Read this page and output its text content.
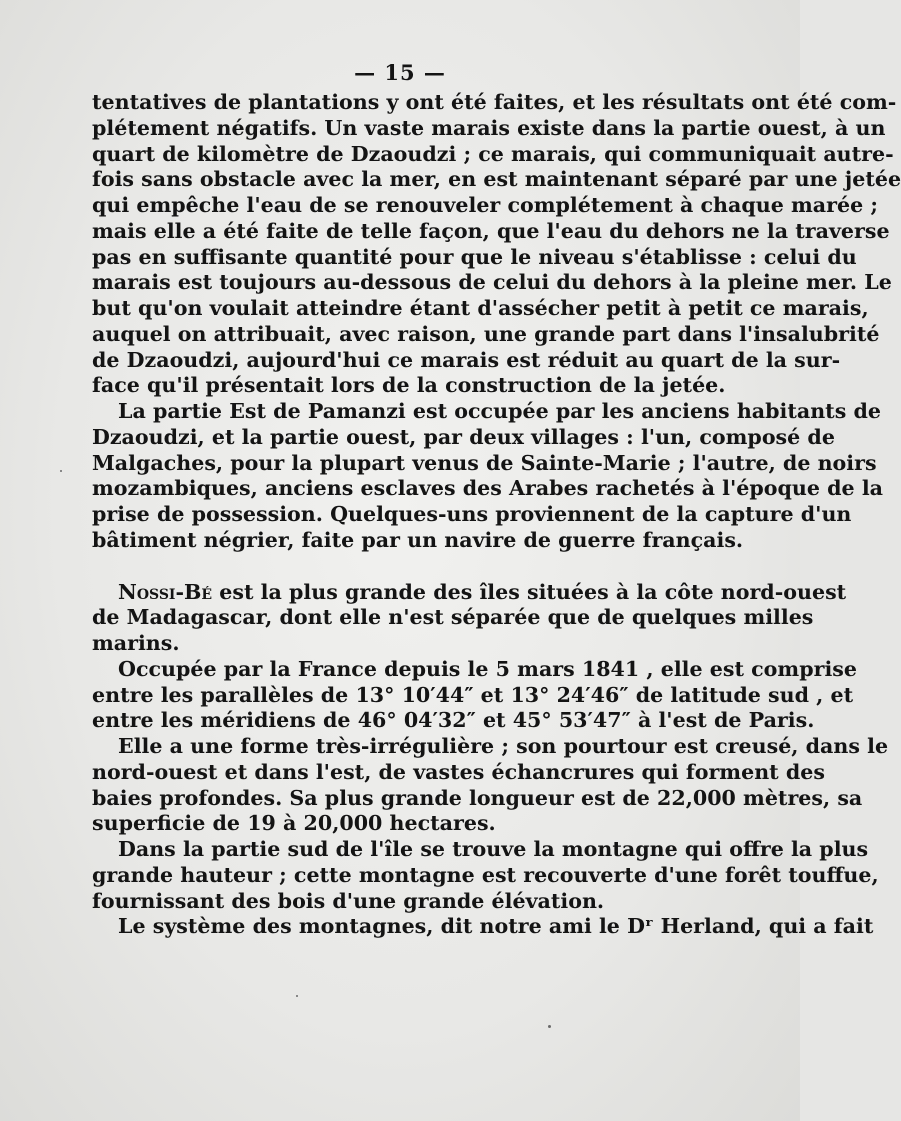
— 15 —
tentatives de plantations y ont été faites, et les résultats ont été com-
plétement négatifs. Un vaste marais existe dans la partie ouest, à un
quart de kilomètre de Dzaoudzi ; ce marais, qui communiquait autre-
fois sans obstacle avec la mer, en est maintenant séparé par une jetée
qui empêche l'eau de se renouveler complétement à chaque marée ;
mais elle a été faite de telle façon, que l'eau du dehors ne la traverse
pas en suffisante quantité pour que le niveau s'établisse : celui du
marais est toujours au-dessous de celui du dehors à la pleine mer. Le
but qu'on voulait atteindre étant d'assécher petit à petit ce marais,
auquel on attribuait, avec raison, une grande part dans l'insalubrité
de Dzaoudzi, aujourd'hui ce marais est réduit au quart de la sur-
face qu'il présentait lors de la construction de la jetée.
La partie Est de Pamanzi est occupée par les anciens habitants de
Dzaoudzi, et la partie ouest, par deux villages : l'un, composé de
Malgaches, pour la plupart venus de Sainte-Marie ; l'autre, de noirs
mozambiques, anciens esclaves des Arabes rachetés à l'époque de la
prise de possession. Quelques-uns proviennent de la capture d'un
bâtiment négrier, faite par un navire de guerre français.
Nossi-Bé est la plus grande des îles situées à la côte nord-ouest
de Madagascar, dont elle n'est séparée que de quelques milles
marins.
Occupée par la France depuis le 5 mars 1841 , elle est comprise
entre les parallèles de 13° 10′44″ et 13° 24′46″ de latitude sud , et
entre les méridiens de 46° 04′32″ et 45° 53′47″ à l'est de Paris.
Elle a une forme très-irrégulière ; son pourtour est creusé, dans le
nord-ouest et dans l'est, de vastes échancrures qui forment des
baies profondes. Sa plus grande longueur est de 22,000 mètres, sa
superficie de 19 à 20,000 hectares.
Dans la partie sud de l'île se trouve la montagne qui offre la plus
grande hauteur ; cette montagne est recouverte d'une forêt touffue,
fournissant des bois d'une grande élévation.
Le système des montagnes, dit notre ami le Dʳ Herland, qui a fait
